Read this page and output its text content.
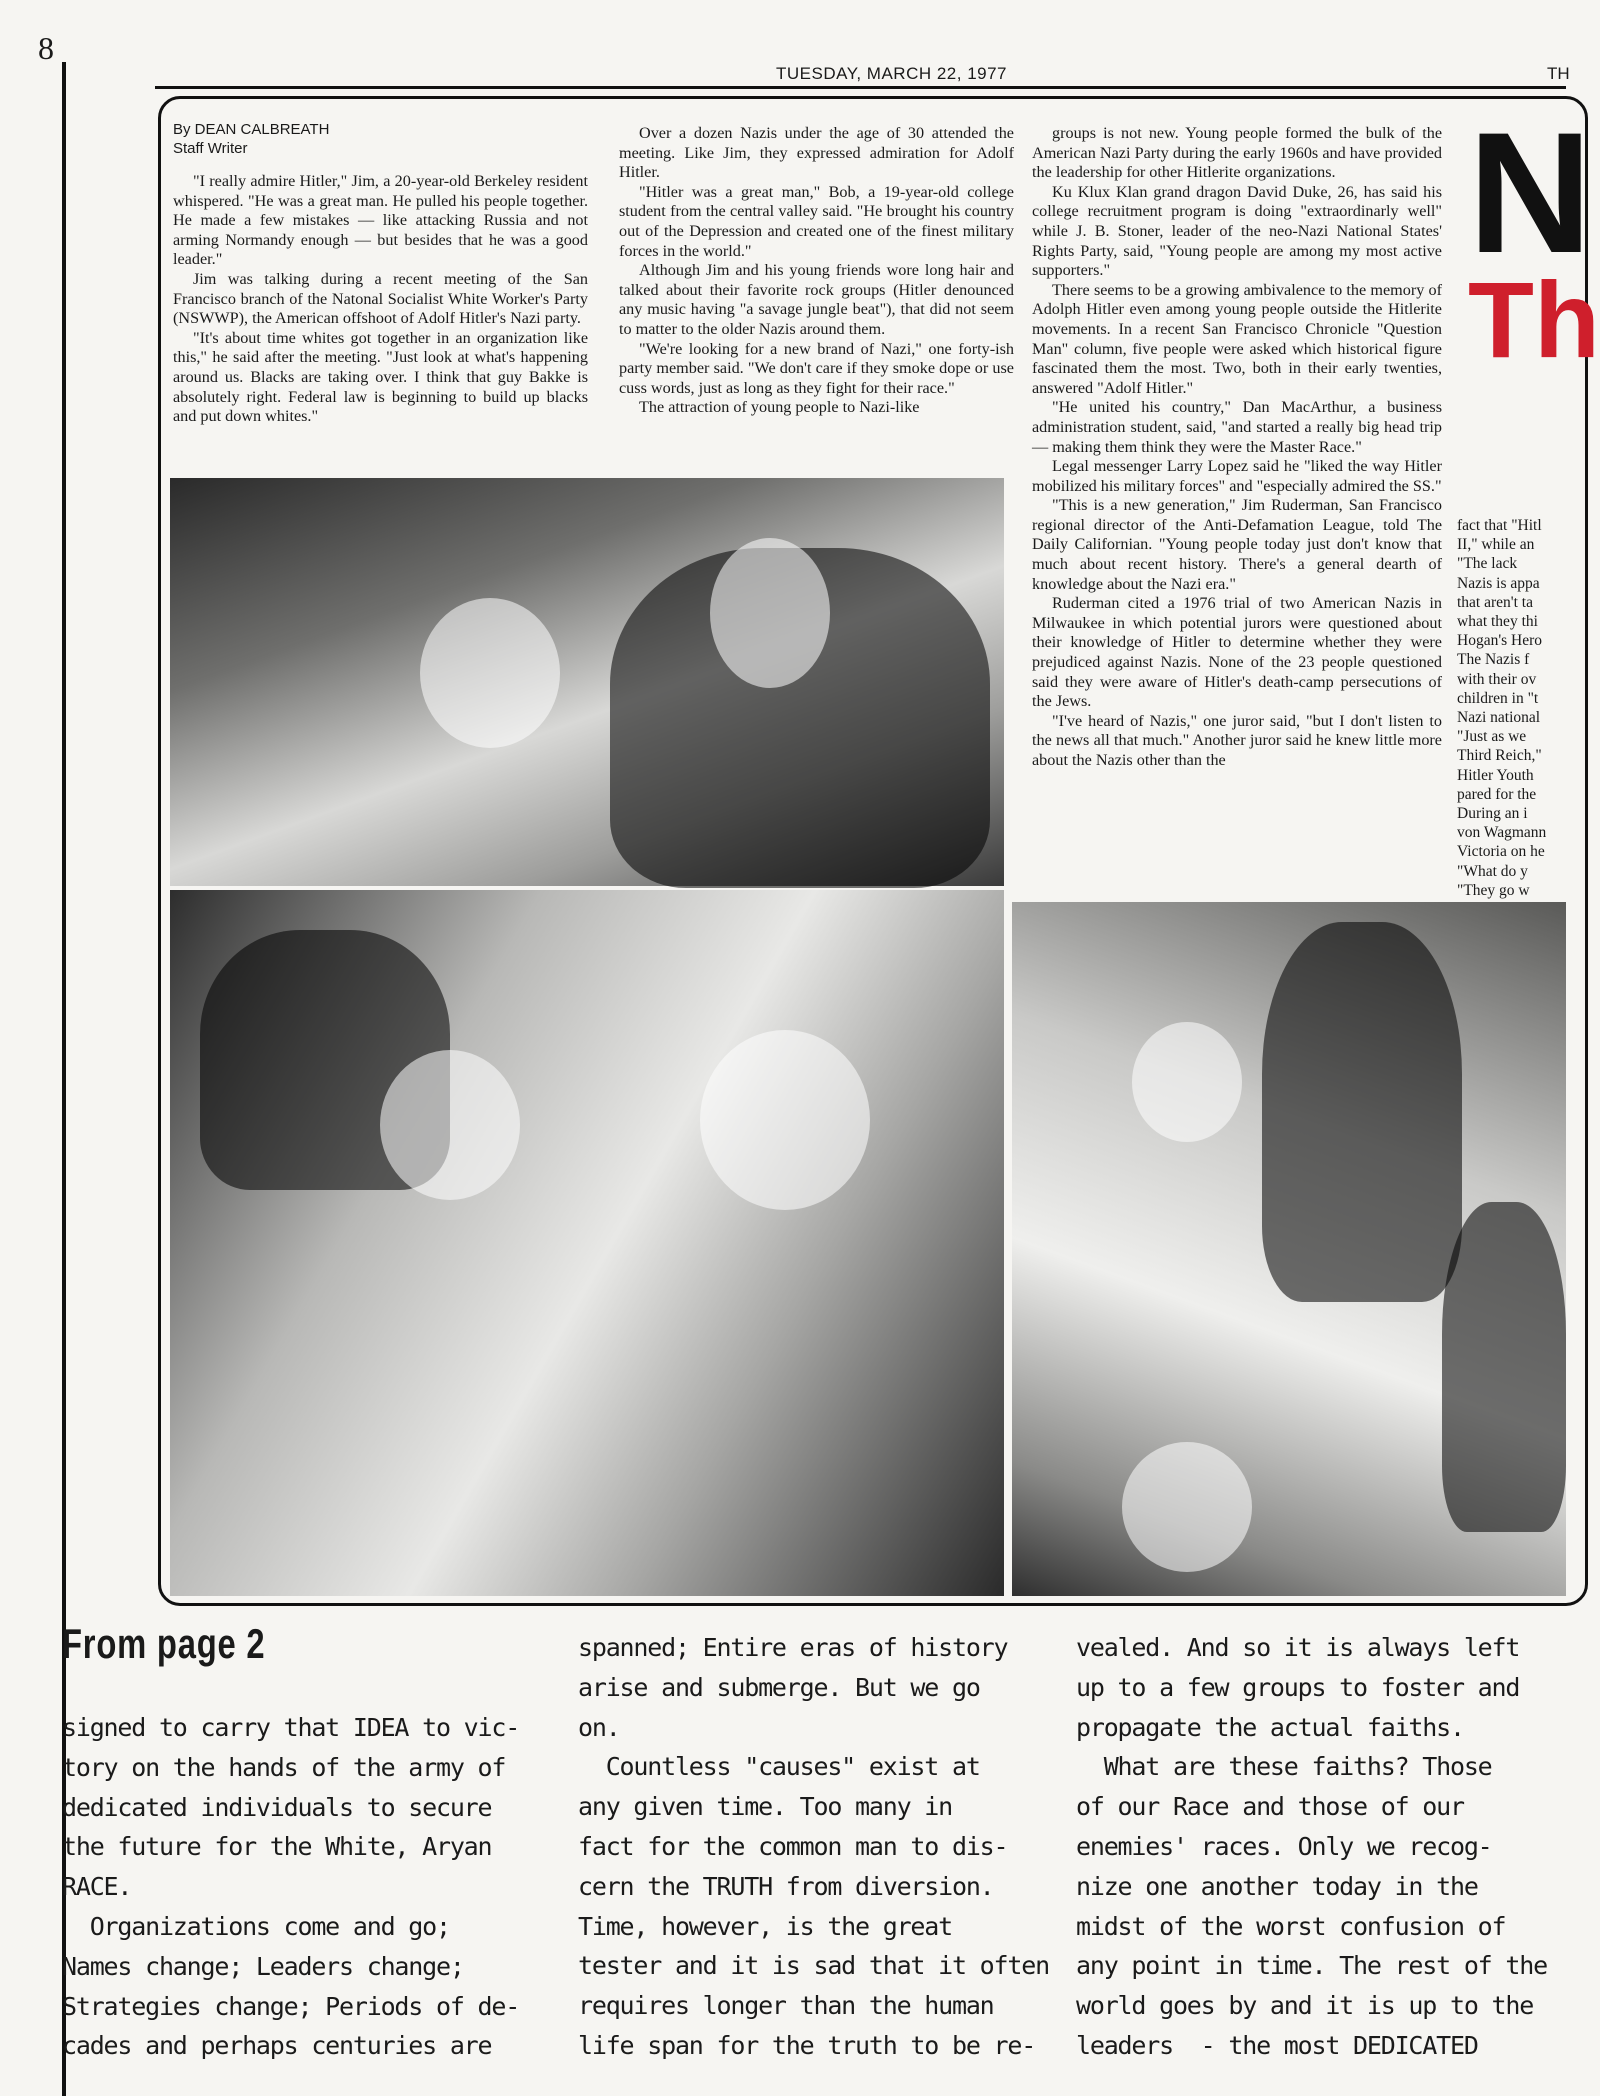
8
TUESDAY, MARCH 22, 1977	TH
By DEAN CALBREATH
Staff Writer

"I really admire Hitler," Jim, a 20-year-old Berkeley resident whispered. "He was a great man. He pulled his people together. He made a few mistakes — like attacking Russia and not arming Normandy enough — but besides that he was a good leader."

Jim was talking during a recent meeting of the San Francisco branch of the Natonal Socialist White Worker's Party (NSWWP), the American offshoot of Adolf Hitler's Nazi party.

"It's about time whites got together in an organization like this," he said after the meeting. "Just look at what's happening around us. Blacks are taking over. I think that guy Bakke is absolutely right. Federal law is beginning to build up blacks and put down whites."

Over a dozen Nazis under the age of 30 attended the meeting. Like Jim, they expressed admiration for Adolf Hitler.

"Hitler was a great man," Bob, a 19-year-old college student from the central valley said. "He brought his country out of the Depression and created one of the finest military forces in the world."

Although Jim and his young friends wore long hair and talked about their favorite rock groups (Hitler denounced any music having "a savage jungle beat"), that did not seem to matter to the older Nazis around them.

"We're looking for a new brand of Nazi," one forty-ish party member said. "We don't care if they smoke dope or use cuss words, just as long as they fight for their race."

The attraction of young people to Nazi-like

groups is not new. Young people formed the bulk of the American Nazi Party during the early 1960s and have provided the leadership for other Hitlerite organizations.

Ku Klux Klan grand dragon David Duke, 26, has said his college recruitment program is doing "extraordinarly well" while J. B. Stoner, leader of the neo-Nazi National States' Rights Party, said, "Young people are among my most active supporters."

There seems to be a growing ambivalence to the memory of Adolph Hitler even among young people outside the Hitlerite movements. In a recent San Francisco Chronicle "Question Man" column, five people were asked which historical figure fascinated them the most. Two, both in their early twenties, answered "Adolf Hitler."

"He united his country," Dan MacArthur, a business administration student, said, "and started a really big head trip — making them think they were the Master Race."

Legal messenger Larry Lopez said he "liked the way Hitler mobilized his military forces" and "especially admired the SS."

"This is a new generation," Jim Ruderman, San Francisco regional director of the Anti-Defamation League, told The Daily Californian. "Young people today just don't know that much about recent history. There's a general dearth of knowledge about the Nazi era."

Ruderman cited a 1976 trial of two American Nazis in Milwaukee in which potential jurors were questioned about their knowledge of Hitler to determine whether they were prejudiced against Nazis. None of the 23 people questioned said they were aware of Hitler's death-camp persecutions of the Jews.

"I've heard of Nazis," one juror said, "but I don't listen to the news all that much." Another juror said he knew little more about the Nazis other than the

fact that "Hitl

II," while an

"The lack

Nazis is appa

that aren't ta

what they thi

Hogan's Hero

The Nazis f

with their ov

children in "t

Nazi national

"Just as we

Third Reich,"

Hitler Youth

pared for the

During an i

von Wagmann

Victoria on he

"What do y

"They go w

N
Th
From page 2
signed to carry that IDEA to vic-
tory on the hands of the army of
dedicated individuals to secure
the future for the White, Aryan
RACE.
Organizations come and go;
Names change; Leaders change;
Strategies change; Periods of de-
cades and perhaps centuries are
spanned; Entire eras of history
arise and submerge. But we go
on.
Countless "causes" exist at
any given time. Too many in
fact for the common man to dis-
cern the TRUTH from diversion.
Time, however, is the great
tester and it is sad that it often
requires longer than the human
life span for the truth to be re-
vealed. And so it is always left
up to a few groups to foster and
propagate the actual faiths.
What are these faiths? Those
of our Race and those of our
enemies' races. Only we recog-
nize one another today in the
midst of the worst confusion of
any point in time. The rest of the
world goes by and it is up to the
leaders  - the most DEDICATED
